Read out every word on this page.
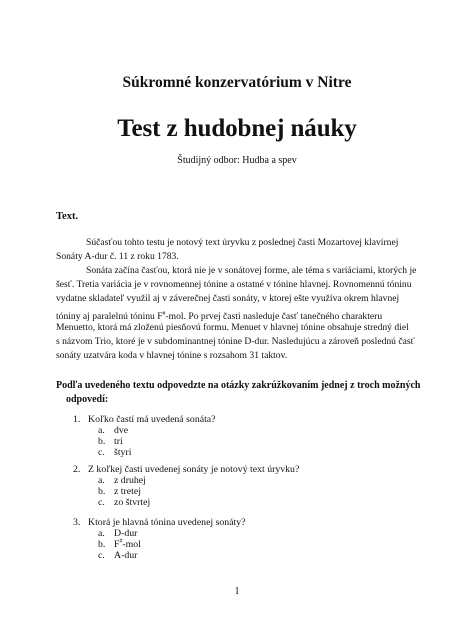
Súkromné konzervatórium v Nitre
Test z hudobnej náuky
Študijný odbor: Hudba a spev
Text.
Súčasťou tohto testu je notový text úryvku z poslednej časti Mozartovej klavírnej
Sonáty A-dur č. 11 z roku 1783.
Sonáta začína časťou, ktorá nie je v sonátovej forme, ale téma s variáciami, ktorých je
šesť. Tretia variácia je v rovnomennej tónine a ostatné v tónine hlavnej. Rovnomennú tóninu
vydatne skladateľ využil aj v záverečnej časti sonáty, v ktorej ešte využíva okrem hlavnej
tóniny aj paralelnú tóninu F#-mol. Po prvej časti nasleduje časť tanečného charakteru
Menuetto, ktorá má zloženú piesňovú formu. Menuet v hlavnej tónine obsahuje stredný diel
s názvom Trio, ktoré je v subdominantnej tónine D-dur. Nasledujúcu a zároveň poslednú časť
sonáty uzatvára koda v hlavnej tónine s rozsahom 31 taktov.
Podľa uvedeného textu odpovedzte na otázky zakrúžkovaním jednej z troch možných
odpovedí:
1. Koľko častí má uvedená sonáta?
a. dve
b. tri
c. štyri
2. Z koľkej časti uvedenej sonáty je notový text úryvku?
a. z druhej
b. z tretej
c. zo štvrtej
3. Ktorá je hlavná tónina uvedenej sonáty?
a. D-dur
b. F#-mol
c. A-dur
1
